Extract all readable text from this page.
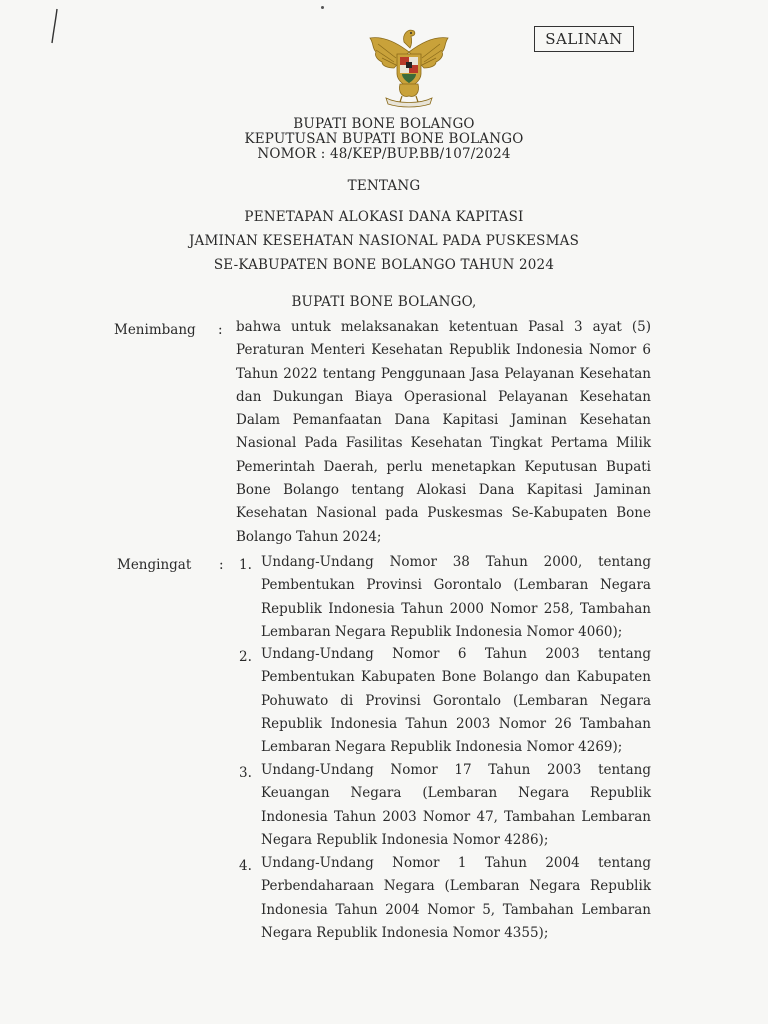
SALINAN
BUPATI BONE BOLANGO
KEPUTUSAN BUPATI BONE BOLANGO
NOMOR : 48/KEP/BUP.BB/107/2024
TENTANG
PENETAPAN ALOKASI DANA KAPITASI
JAMINAN KESEHATAN NASIONAL PADA PUSKESMAS
SE-KABUPATEN BONE BOLANGO TAHUN 2024
BUPATI BONE BOLANGO,
Menimbang : bahwa untuk melaksanakan ketentuan Pasal 3 ayat (5) Peraturan Menteri Kesehatan Republik Indonesia Nomor 6 Tahun 2022 tentang Penggunaan Jasa Pelayanan Kesehatan dan Dukungan Biaya Operasional Pelayanan Kesehatan Dalam Pemanfaatan Dana Kapitasi Jaminan Kesehatan Nasional Pada Fasilitas Kesehatan Tingkat Pertama Milik Pemerintah Daerah, perlu menetapkan Keputusan Bupati Bone Bolango tentang Alokasi Dana Kapitasi Jaminan Kesehatan Nasional pada Puskesmas Se-Kabupaten Bone Bolango Tahun 2024;

Mengingat : 1. Undang-Undang Nomor 38 Tahun 2000, tentang Pembentukan Provinsi Gorontalo (Lembaran Negara Republik Indonesia Tahun 2000 Nomor 258, Tambahan Lembaran Negara Republik Indonesia Nomor 4060);

2. Undang-Undang Nomor 6 Tahun 2003 tentang Pembentukan Kabupaten Bone Bolango dan Kabupaten Pohuwato di Provinsi Gorontalo (Lembaran Negara Republik Indonesia Tahun 2003 Nomor 26 Tambahan Lembaran Negara Republik Indonesia Nomor 4269);

3. Undang-Undang Nomor 17 Tahun 2003 tentang Keuangan Negara (Lembaran Negara Republik Indonesia Tahun 2003 Nomor 47, Tambahan Lembaran Negara Republik Indonesia Nomor 4286);

4. Undang-Undang Nomor 1 Tahun 2004 tentang Perbendaharaan Negara (Lembaran Negara Republik Indonesia Tahun 2004 Nomor 5, Tambahan Lembaran Negara Republik Indonesia Nomor 4355);
